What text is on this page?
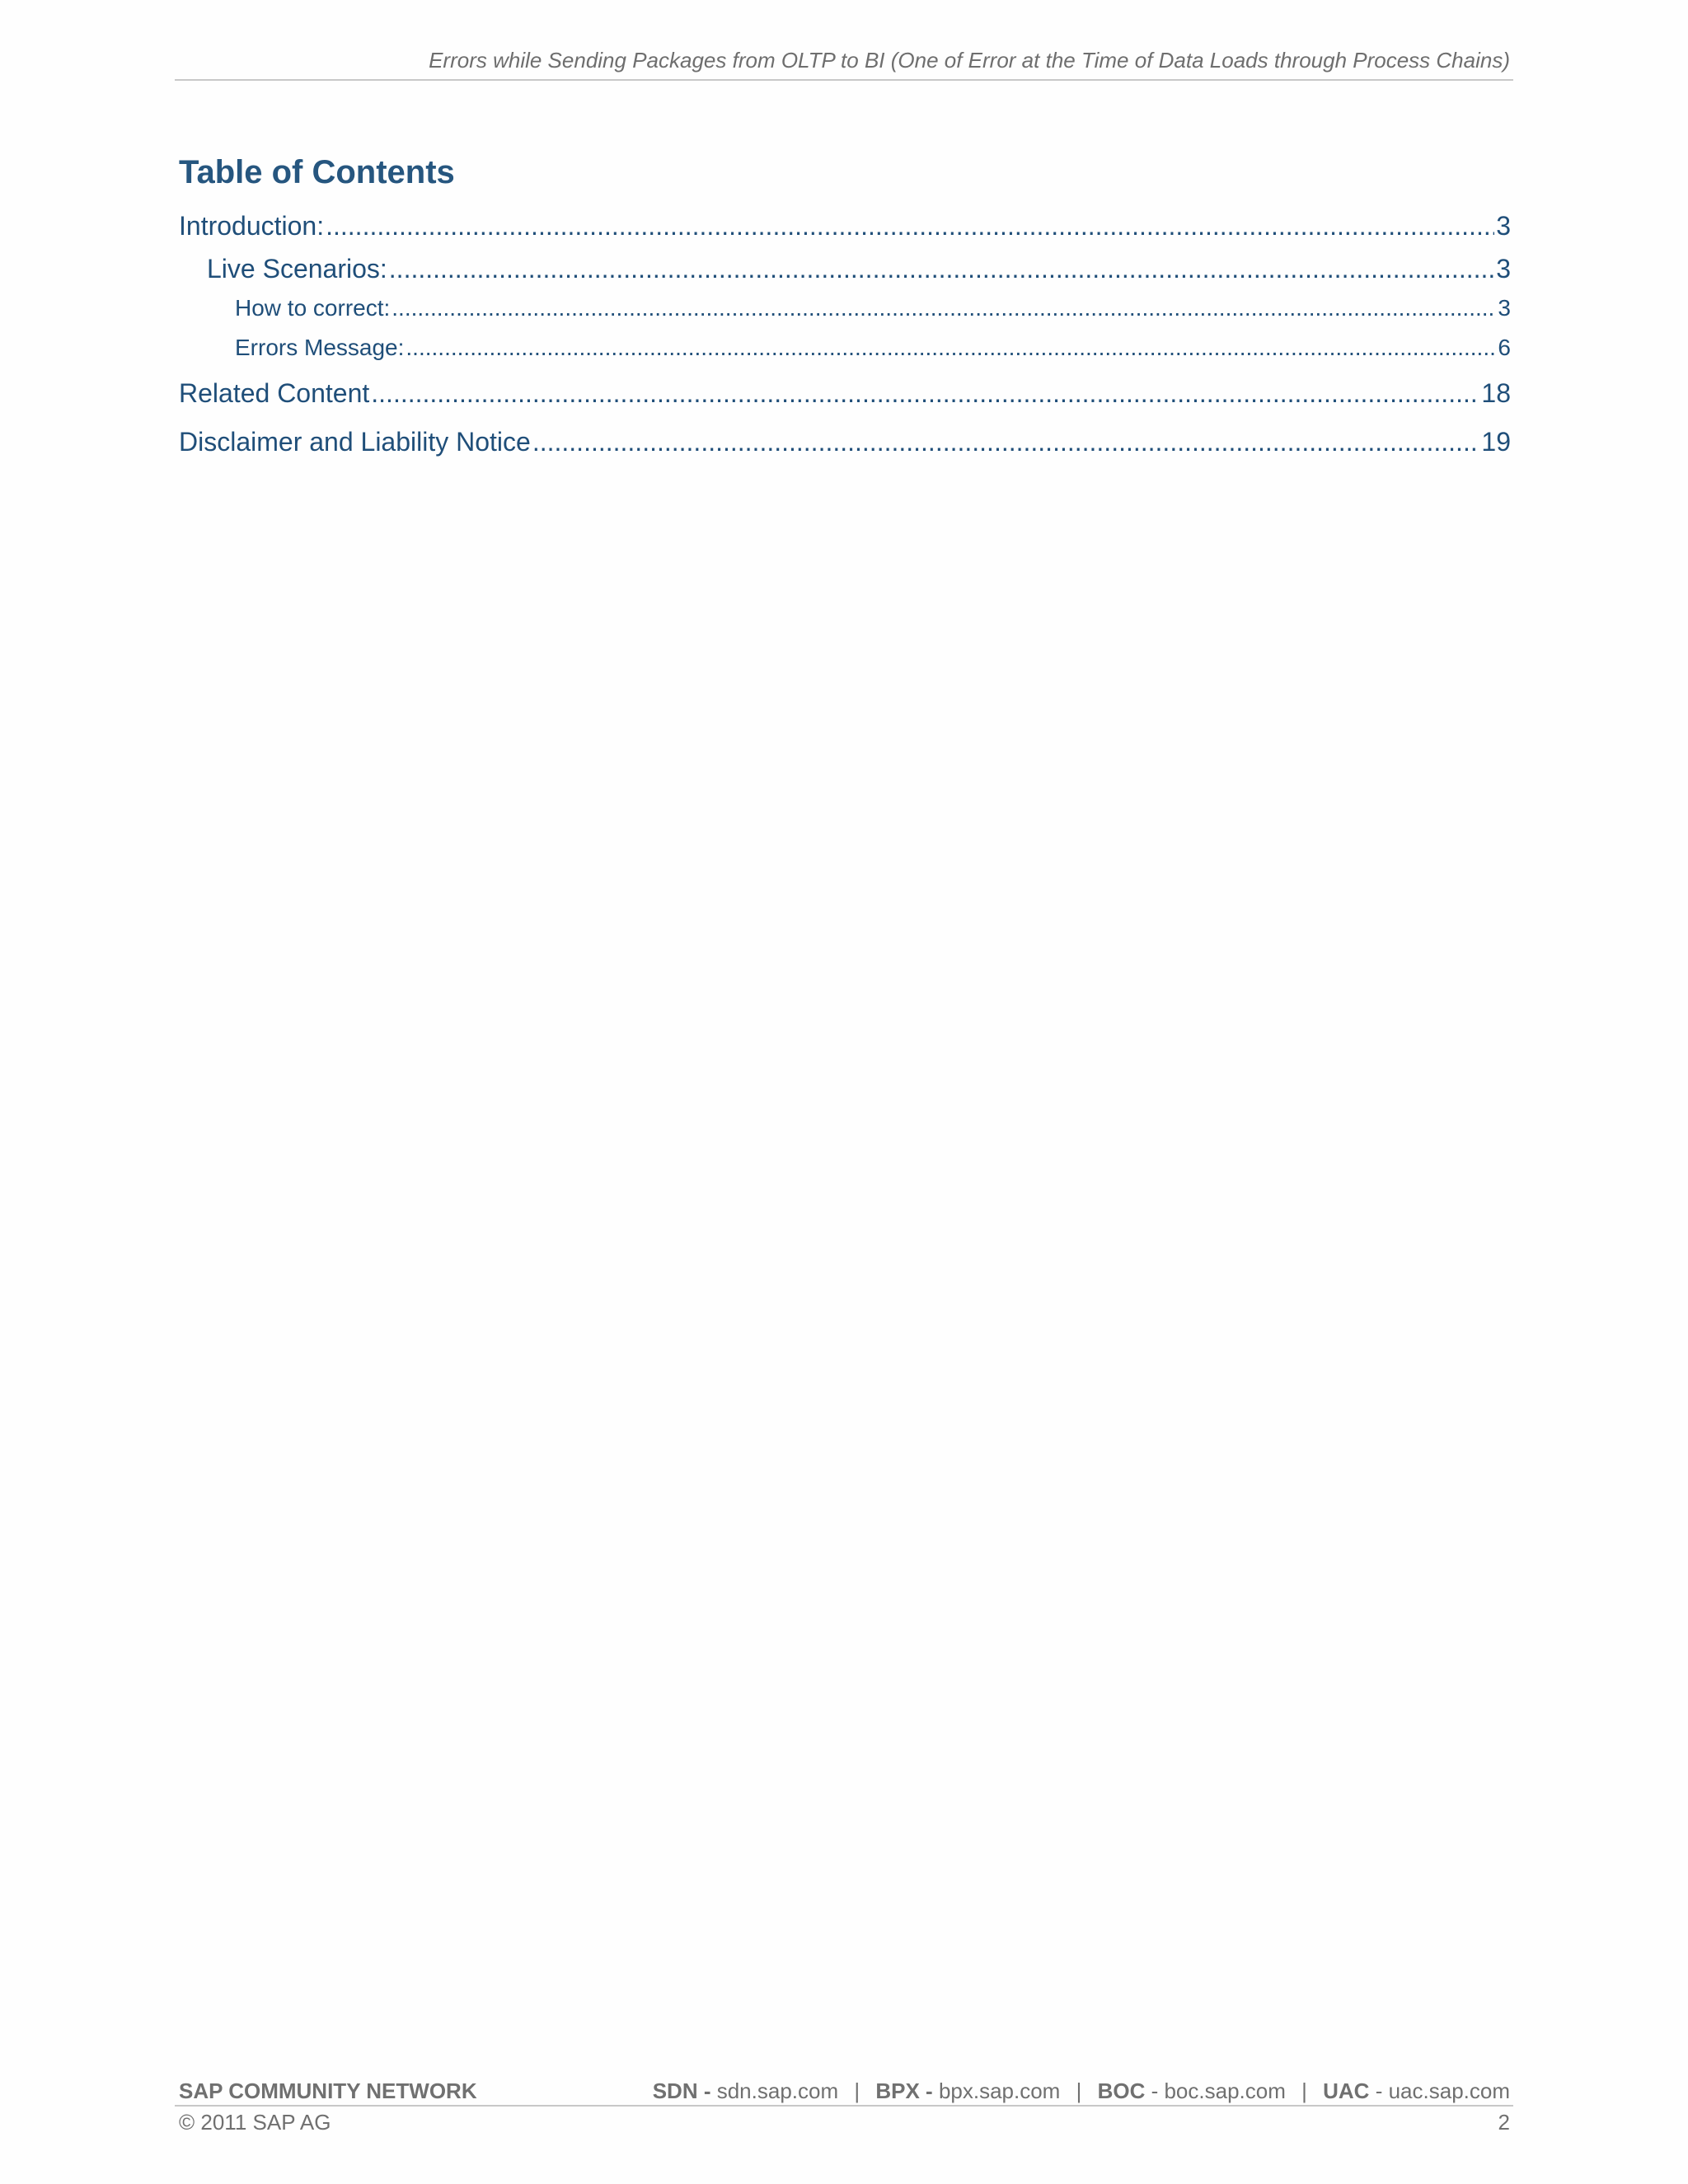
Errors while Sending Packages from OLTP to BI (One of Error at the Time of Data Loads through Process Chains)
Table of Contents
Introduction: .....	3
Live Scenarios: .....	3
How to correct: .....	3
Errors Message: .....	6
Related Content .....	18
Disclaimer and Liability Notice .....	19
SAP COMMUNITY NETWORK	SDN - sdn.sap.com | BPX - bpx.sap.com | BOC - boc.sap.com | UAC - uac.sap.com
© 2011 SAP AG	2
